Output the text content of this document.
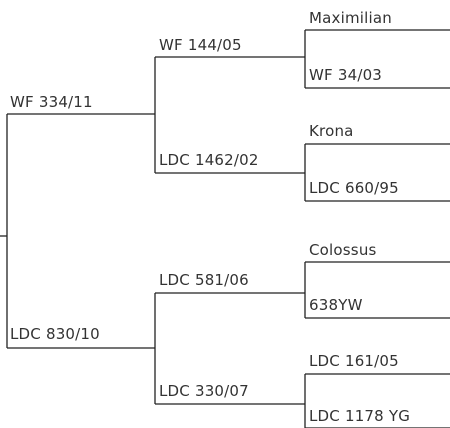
WF 334/11
LDC 830/10
WF 144/05
LDC 1462/02
LDC 581/06
LDC 330/07
Maximilian
WF 34/03
Krona
LDC 660/95
Colossus
638YW
LDC 161/05
LDC 1178 YG
